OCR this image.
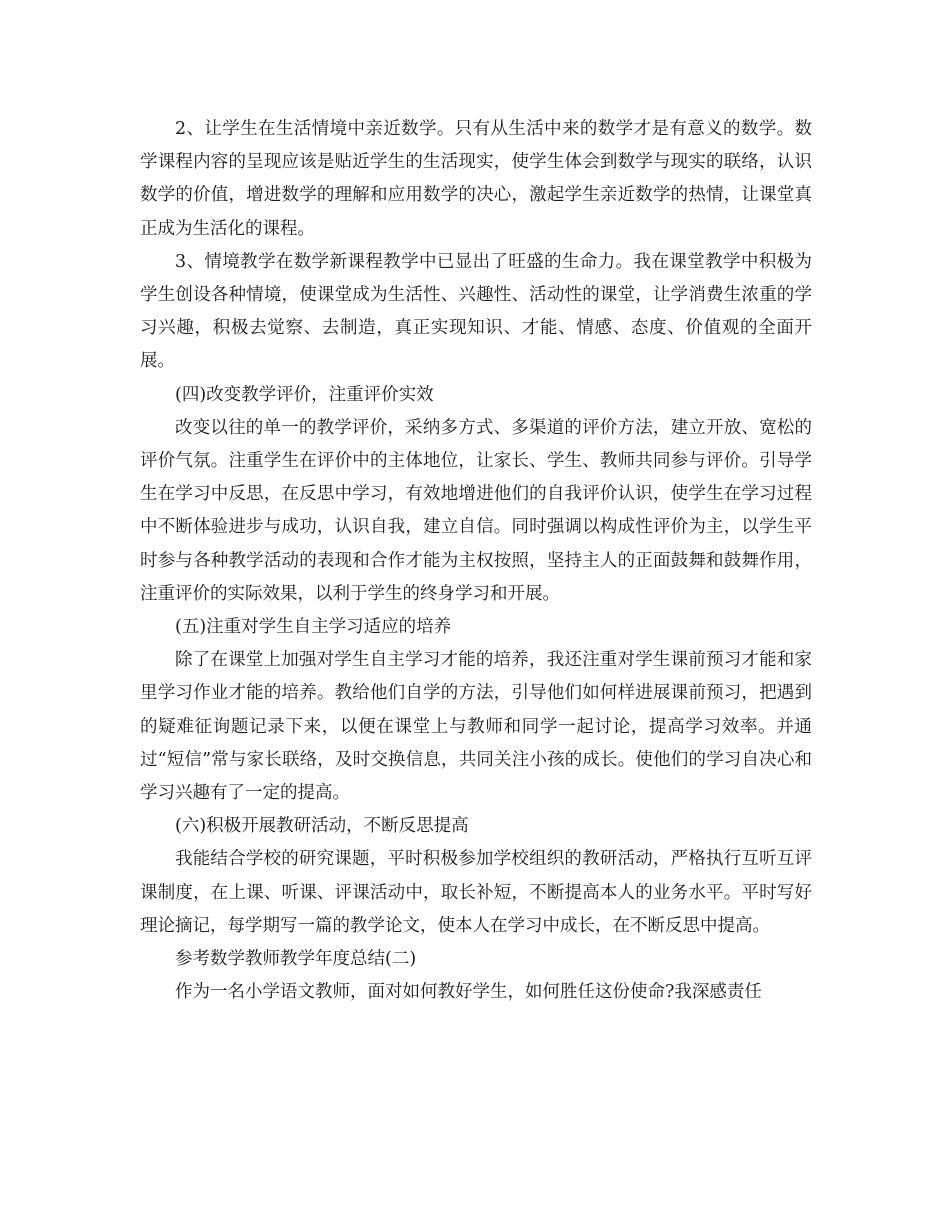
2、让学生在生活情境中亲近数学。只有从生活中来的数学才是有意义的数学。数学课程内容的呈现应该是贴近学生的生活现实，使学生体会到数学与现实的联络，认识数学的价值，增进数学的理解和应用数学的决心，激起学生亲近数学的热情，让课堂真正成为生活化的课程。

3、情境教学在数学新课程教学中已显出了旺盛的生命力。我在课堂教学中积极为学生创设各种情境，使课堂成为生活性、兴趣性、活动性的课堂，让学消费生浓重的学习兴趣，积极去觉察、去制造，真正实现知识、才能、情感、态度、价值观的全面开展。

(四)改变教学评价，注重评价实效

改变以往的单一的教学评价，采纳多方式、多渠道的评价方法，建立开放、宽松的评价气氛。注重学生在评价中的主体地位，让家长、学生、教师共同参与评价。引导学生在学习中反思，在反思中学习，有效地增进他们的自我评价认识，使学生在学习过程中不断体验进步与成功，认识自我，建立自信。同时强调以构成性评价为主，以学生平时参与各种教学活动的表现和合作才能为主权按照，坚持主人的正面鼓舞和鼓舞作用，注重评价的实际效果，以利于学生的终身学习和开展。

(五)注重对学生自主学习适应的培养

除了在课堂上加强对学生自主学习才能的培养，我还注重对学生课前预习才能和家里学习作业才能的培养。教给他们自学的方法，引导他们如何样进展课前预习，把遇到的疑难征询题记录下来，以便在课堂上与教师和同学一起讨论，提高学习效率。并通过“短信”常与家长联络，及时交换信息，共同关注小孩的成长。使他们的学习自决心和学习兴趣有了一定的提高。

(六)积极开展教研活动，不断反思提高

我能结合学校的研究课题，平时积极参加学校组织的教研活动，严格执行互听互评课制度，在上课、听课、评课活动中，取长补短，不断提高本人的业务水平。平时写好理论摘记，每学期写一篇的教学论文，使本人在学习中成长，在不断反思中提高。

参考数学教师教学年度总结(二)

作为一名小学语文教师，面对如何教好学生，如何胜任这份使命?我深感责任
